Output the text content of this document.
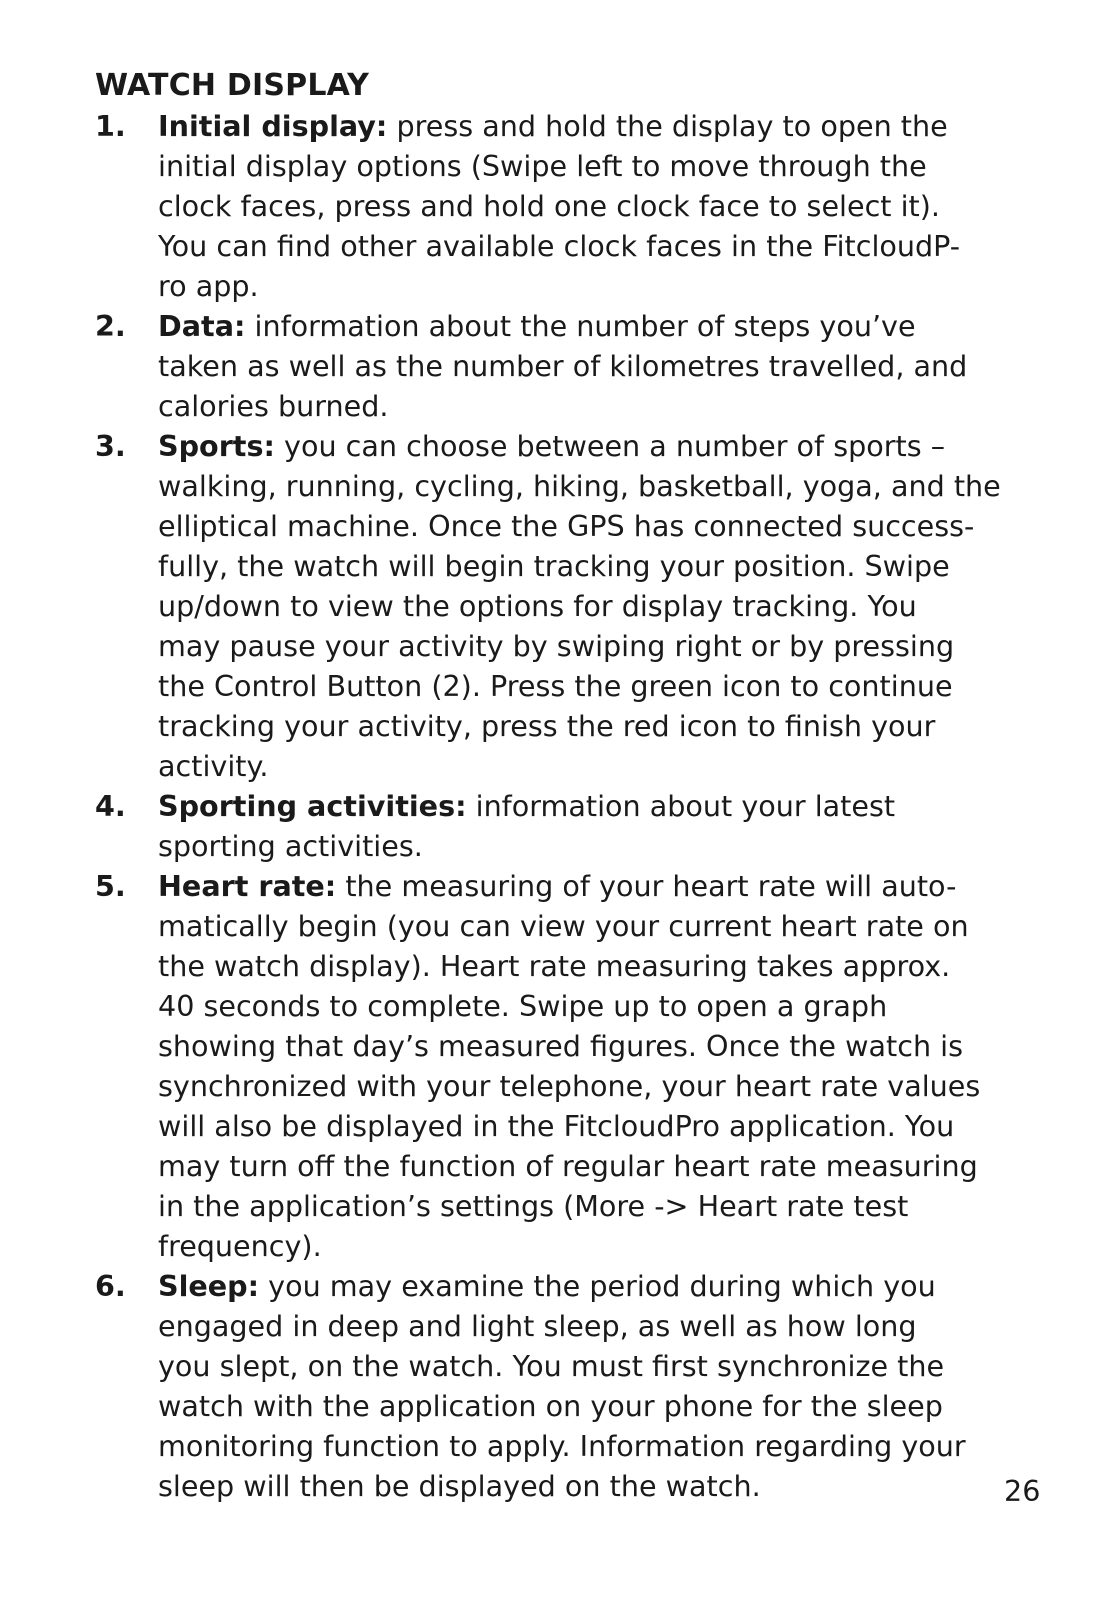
WATCH DISPLAY
1. Initial display: press and hold the display to open the
initial display options (Swipe left to move through the
clock faces, press and hold one clock face to select it).
You can find other available clock faces in the FitcloudP-
ro app.
2. Data: information about the number of steps you’ve
taken as well as the number of kilometres travelled, and
calories burned.
3. Sports: you can choose between a number of sports –
walking, running, cycling, hiking, basketball, yoga, and the
elliptical machine. Once the GPS has connected success-
fully, the watch will begin tracking your position. Swipe
up/down to view the options for display tracking. You
may pause your activity by swiping right or by pressing
the Control Button (2). Press the green icon to continue
tracking your activity, press the red icon to finish your
activity.
4. Sporting activities: information about your latest
sporting activities.
5. Heart rate: the measuring of your heart rate will auto-
matically begin (you can view your current heart rate on
the watch display). Heart rate measuring takes approx.
40 seconds to complete. Swipe up to open a graph
showing that day’s measured figures. Once the watch is
synchronized with your telephone, your heart rate values
will also be displayed in the FitcloudPro application. You
may turn off the function of regular heart rate measuring
in the application’s settings (More -> Heart rate test
frequency).
6. Sleep: you may examine the period during which you
engaged in deep and light sleep, as well as how long
you slept, on the watch. You must first synchronize the
watch with the application on your phone for the sleep
monitoring function to apply. Information regarding your
sleep will then be displayed on the watch.	26
